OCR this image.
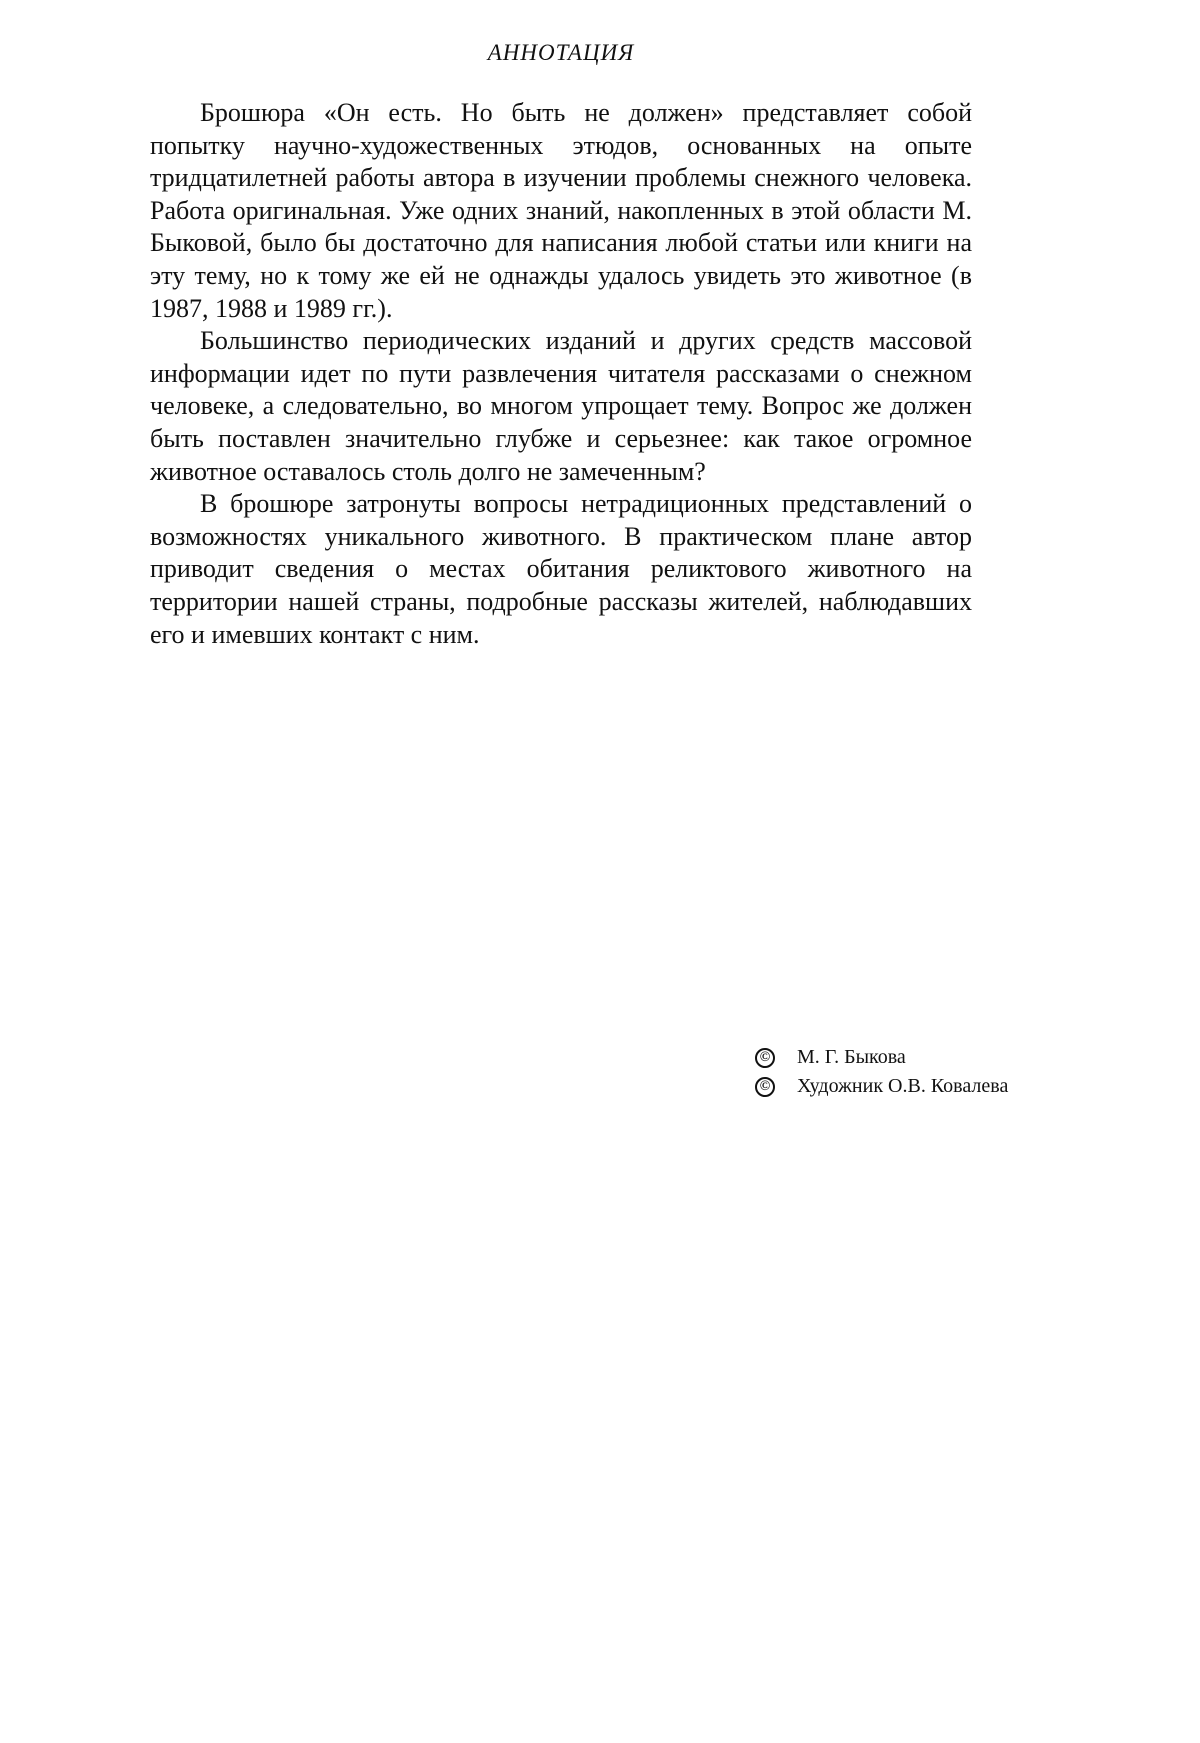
АННОТАЦИЯ

Брошюра «Он есть. Но быть не должен» представляет собой попытку научно-художественных этюдов, основанных на опыте тридцатилетней работы автора в изучении проблемы снежного человека. Работа оригинальная. Уже одних знаний, накопленных в этой области М. Быковой, было бы достаточно для написания любой статьи или книги на эту тему, но к тому же ей не однажды удалось увидеть это животное (в 1987, 1988 и 1989 гг.).

Большинство периодических изданий и других средств массовой информации идет по пути развлечения читателя рассказами о снежном человеке, а следовательно, во многом упрощает тему. Вопрос же должен быть поставлен значительно глубже и серьезнее: как такое огромное животное оставалось столь долго не замеченным?

В брошюре затронуты вопросы нетрадиционных представлений о возможностях уникального животного. В практическом плане автор приводит сведения о местах обитания реликтового животного на территории нашей страны, подробные рассказы жителей, наблюдавших его и имевших контакт с ним.

© М. Г. Быкова
© Художник О.В. Ковалева
